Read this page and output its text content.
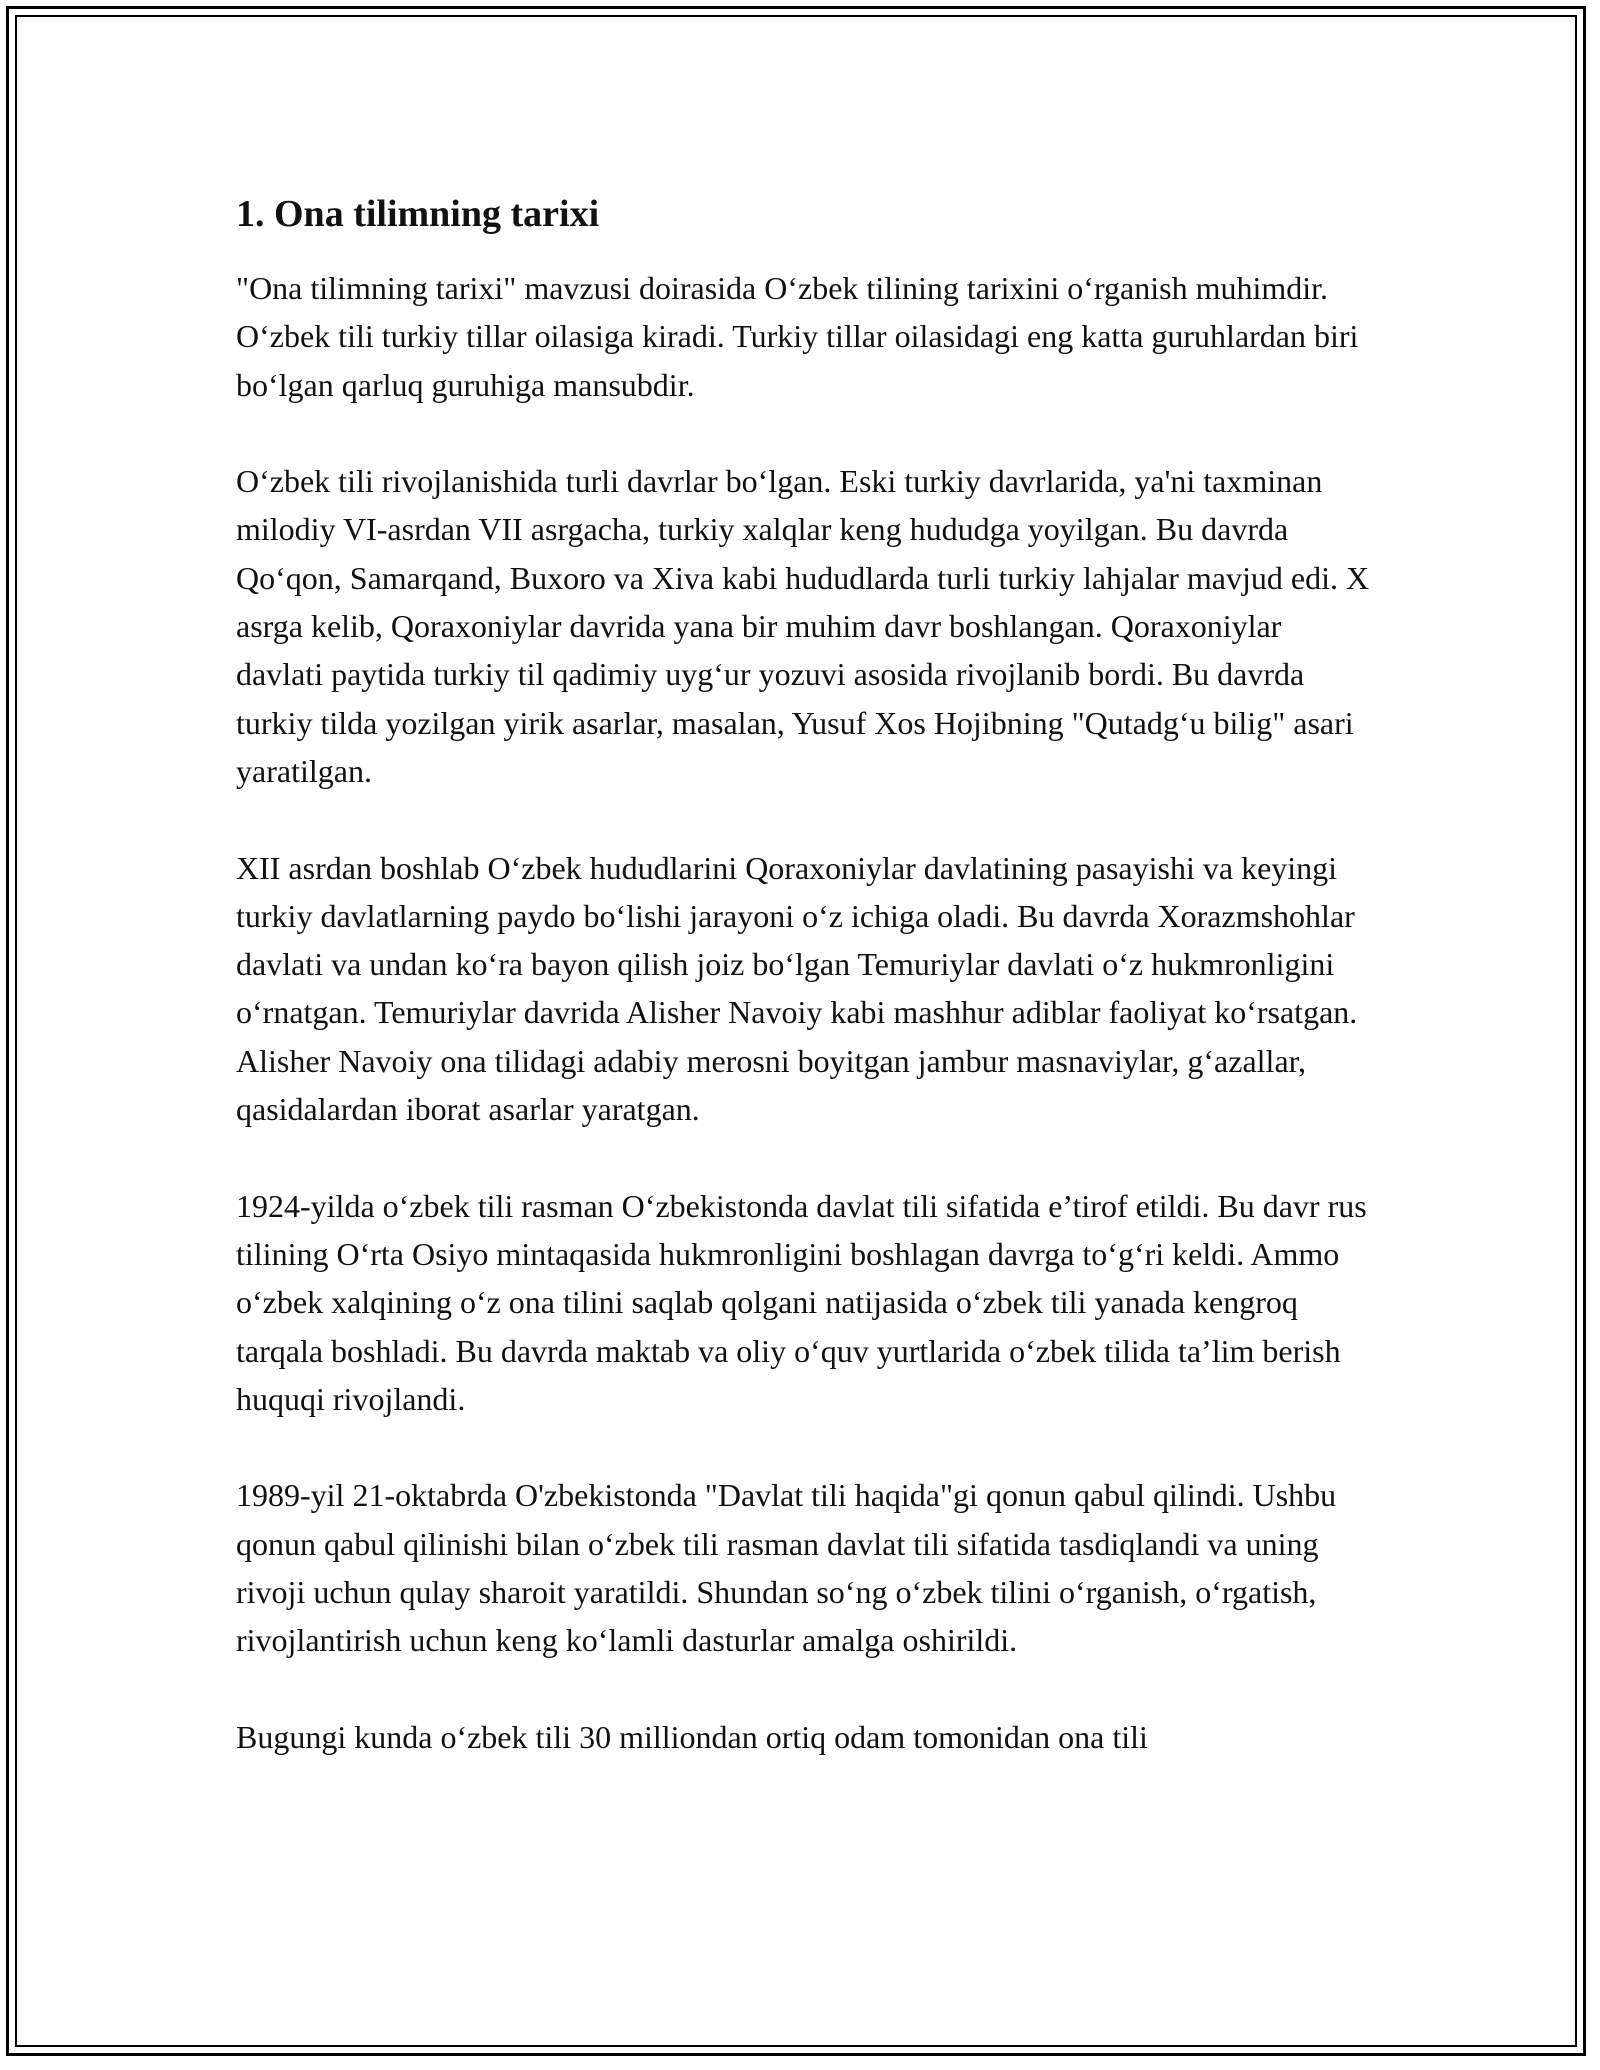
1. Ona tilimning tarixi

"Ona tilimning tarixi" mavzusi doirasida O‘zbek tilining tarixini o‘rganish muhimdir. O‘zbek tili turkiy tillar oilasiga kiradi. Turkiy tillar oilasidagi eng katta guruhlardan biri bo‘lgan qarluq guruhiga mansubdir.

O‘zbek tili rivojlanishida turli davrlar bo‘lgan. Eski turkiy davrlarida, ya'ni taxminan milodiy VI-asrdan VII asrgacha, turkiy xalqlar keng hududga yoyilgan. Bu davrda Qo‘qon, Samarqand, Buxoro va Xiva kabi hududlarda turli turkiy lahjalar mavjud edi. X asrga kelib, Qoraxoniylar davrida yana bir muhim davr boshlangan. Qoraxoniylar davlati paytida turkiy til qadimiy uyg‘ur yozuvi asosida rivojlanib bordi. Bu davrda turkiy tilda yozilgan yirik asarlar, masalan, Yusuf Xos Hojibning "Qutadg‘u bilig" asari yaratilgan.

XII asrdan boshlab O‘zbek hududlarini Qoraxoniylar davlatining pasayishi va keyingi turkiy davlatlarning paydo bo‘lishi jarayoni o‘z ichiga oladi. Bu davrda Xorazmshohlar davlati va undan ko‘ra bayon qilish joiz bo‘lgan Temuriylar davlati o‘z hukmronligini o‘rnatgan. Temuriylar davrida Alisher Navoiy kabi mashhur adiblar faoliyat ko‘rsatgan. Alisher Navoiy ona tilidagi adabiy merosni boyitgan jambur masnaviylar, g‘azallar, qasidalardan iborat asarlar yaratgan.

1924-yilda o‘zbek tili rasman O‘zbekistonda davlat tili sifatida e’tirof etildi. Bu davr rus tilining O‘rta Osiyo mintaqasida hukmronligini boshlagan davrga to‘g‘ri keldi. Ammo o‘zbek xalqining o‘z ona tilini saqlab qolgani natijasida o‘zbek tili yanada kengroq tarqala boshladi. Bu davrda maktab va oliy o‘quv yurtlarida o‘zbek tilida ta’lim berish huquqi rivojlandi.

1989-yil 21-oktabrda O'zbekistonda "Davlat tili haqida"gi qonun qabul qilindi. Ushbu qonun qabul qilinishi bilan o‘zbek tili rasman davlat tili sifatida tasdiqlandi va uning rivoji uchun qulay sharoit yaratildi. Shundan so‘ng o‘zbek tilini o‘rganish, o‘rgatish, rivojlantirish uchun keng ko‘lamli dasturlar amalga oshirildi.

Bugungi kunda o‘zbek tili 30 milliondan ortiq odam tomonidan ona tili
